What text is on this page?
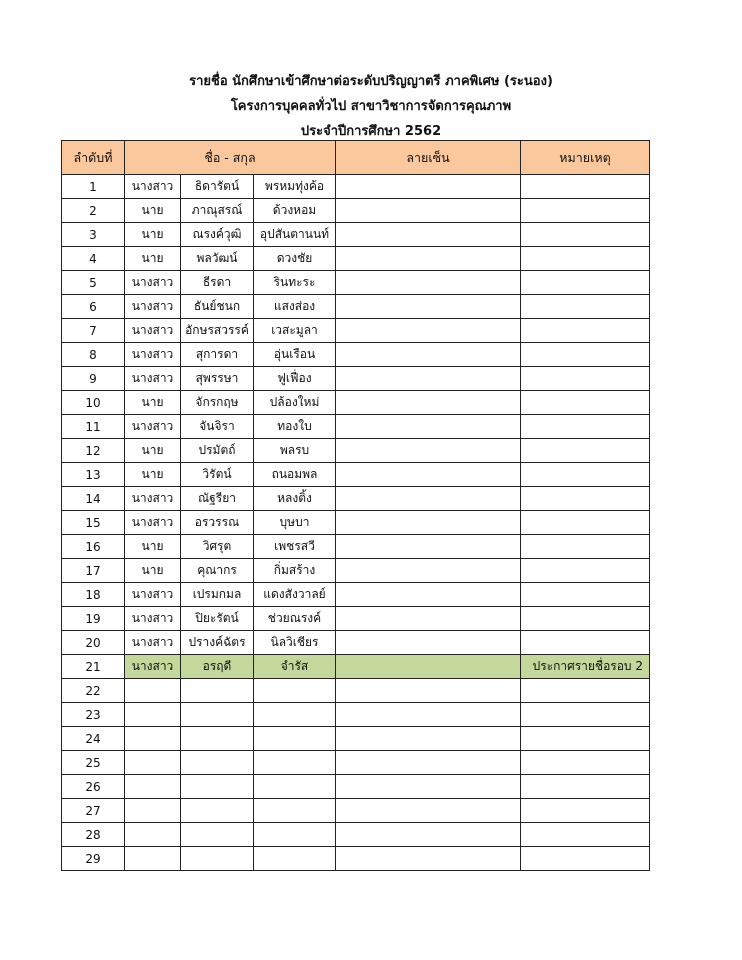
รายชื่อ นักศึกษาเข้าศึกษาต่อระดับปริญญาตรี ภาคพิเศษ (ระนอง)
โครงการบุคคลทั่วไป สาขาวิชาการจัดการคุณภาพ
ประจำปีการศึกษา 2562
ลำดับที่	ชื่อ - สกุล			ลายเซ็น	หมายเหตุ
1	นางสาว	ธิดารัตน์	พรหมทุ่งค้อ		
2	นาย	ภาณุสรณ์	ด้วงหอม		
3	นาย	ณรงค์วุฒิ	อุปสันตานนท์		
4	นาย	พลวัฒน์	ดวงชัย		
5	นางสาว	ธีรดา	รินทะระ		
6	นางสาว	ธันย์ชนก	แสงส่อง		
7	นางสาว	อักษรสวรรค์	เวสะมูลา		
8	นางสาว	สุการดา	อุ่นเรือน		
9	นางสาว	สุพรรษา	ฟูเฟื่อง		
10	นาย	จักรกฤษ	ปล้องใหม่		
11	นางสาว	จันจิรา	ทองใบ		
12	นาย	ปรมัตถ์	พลรบ		
13	นาย	วิรัตน์	ถนอมพล		
14	นางสาว	ณัฐรียา	หลงติ้ง		
15	นางสาว	อรวรรณ	บุษบา		
16	นาย	วิศรุต	เพชรสวี		
17	นาย	คุณากร	กิ่มสร้าง		
18	นางสาว	เปรมกมล	แดงสังวาลย์		
19	นางสาว	ปิยะรัตน์	ช่วยณรงค์		
20	นางสาว	ปรางค์ฉัตร	นิลวิเชียร		
21	นางสาว	อรฤดี	จำรัส		ประกาศรายชื่อรอบ 2
22					
23					
24					
25					
26					
27					
28					
29					
